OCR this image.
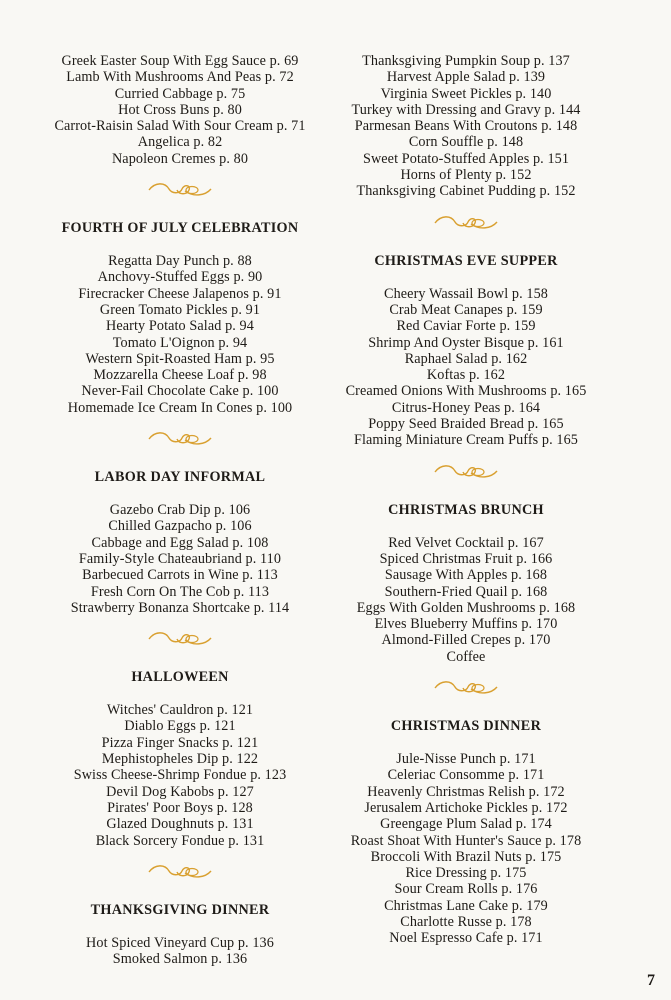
Greek Easter Soup With Egg Sauce p. 69
Lamb With Mushrooms And Peas p. 72
Curried Cabbage p. 75
Hot Cross Buns p. 80
Carrot-Raisin Salad With Sour Cream p. 71
Angelica p. 82
Napoleon Cremes p. 80
FOURTH OF JULY CELEBRATION
Regatta Day Punch p. 88
Anchovy-Stuffed Eggs p. 90
Firecracker Cheese Jalapenos p. 91
Green Tomato Pickles p. 91
Hearty Potato Salad p. 94
Tomato L'Oignon p. 94
Western Spit-Roasted Ham p. 95
Mozzarella Cheese Loaf p. 98
Never-Fail Chocolate Cake p. 100
Homemade Ice Cream In Cones p. 100
LABOR DAY INFORMAL
Gazebo Crab Dip p. 106
Chilled Gazpacho p. 106
Cabbage and Egg Salad p. 108
Family-Style Chateaubriand p. 110
Barbecued Carrots in Wine p. 113
Fresh Corn On The Cob p. 113
Strawberry Bonanza Shortcake p. 114
HALLOWEEN
Witches' Cauldron p. 121
Diablo Eggs p. 121
Pizza Finger Snacks p. 121
Mephistopheles Dip p. 122
Swiss Cheese-Shrimp Fondue p. 123
Devil Dog Kabobs p. 127
Pirates' Poor Boys p. 128
Glazed Doughnuts p. 131
Black Sorcery Fondue p. 131
THANKSGIVING DINNER
Hot Spiced Vineyard Cup p. 136
Smoked Salmon p. 136
Thanksgiving Pumpkin Soup p. 137
Harvest Apple Salad p. 139
Virginia Sweet Pickles p. 140
Turkey with Dressing and Gravy p. 144
Parmesan Beans With Croutons p. 148
Corn Souffle p. 148
Sweet Potato-Stuffed Apples p. 151
Horns of Plenty p. 152
Thanksgiving Cabinet Pudding p. 152
CHRISTMAS EVE SUPPER
Cheery Wassail Bowl p. 158
Crab Meat Canapes p. 159
Red Caviar Forte p. 159
Shrimp And Oyster Bisque p. 161
Raphael Salad p. 162
Koftas p. 162
Creamed Onions With Mushrooms p. 165
Citrus-Honey Peas p. 164
Poppy Seed Braided Bread p. 165
Flaming Miniature Cream Puffs p. 165
CHRISTMAS BRUNCH
Red Velvet Cocktail p. 167
Spiced Christmas Fruit p. 166
Sausage With Apples p. 168
Southern-Fried Quail p. 168
Eggs With Golden Mushrooms p. 168
Elves Blueberry Muffins p. 170
Almond-Filled Crepes p. 170
Coffee
CHRISTMAS DINNER
Jule-Nisse Punch p. 171
Celeriac Consomme p. 171
Heavenly Christmas Relish p. 172
Jerusalem Artichoke Pickles p. 172
Greengage Plum Salad p. 174
Roast Shoat With Hunter's Sauce p. 178
Broccoli With Brazil Nuts p. 175
Rice Dressing p. 175
Sour Cream Rolls p. 176
Christmas Lane Cake p. 179
Charlotte Russe p. 178
Noel Espresso Cafe p. 171
7
